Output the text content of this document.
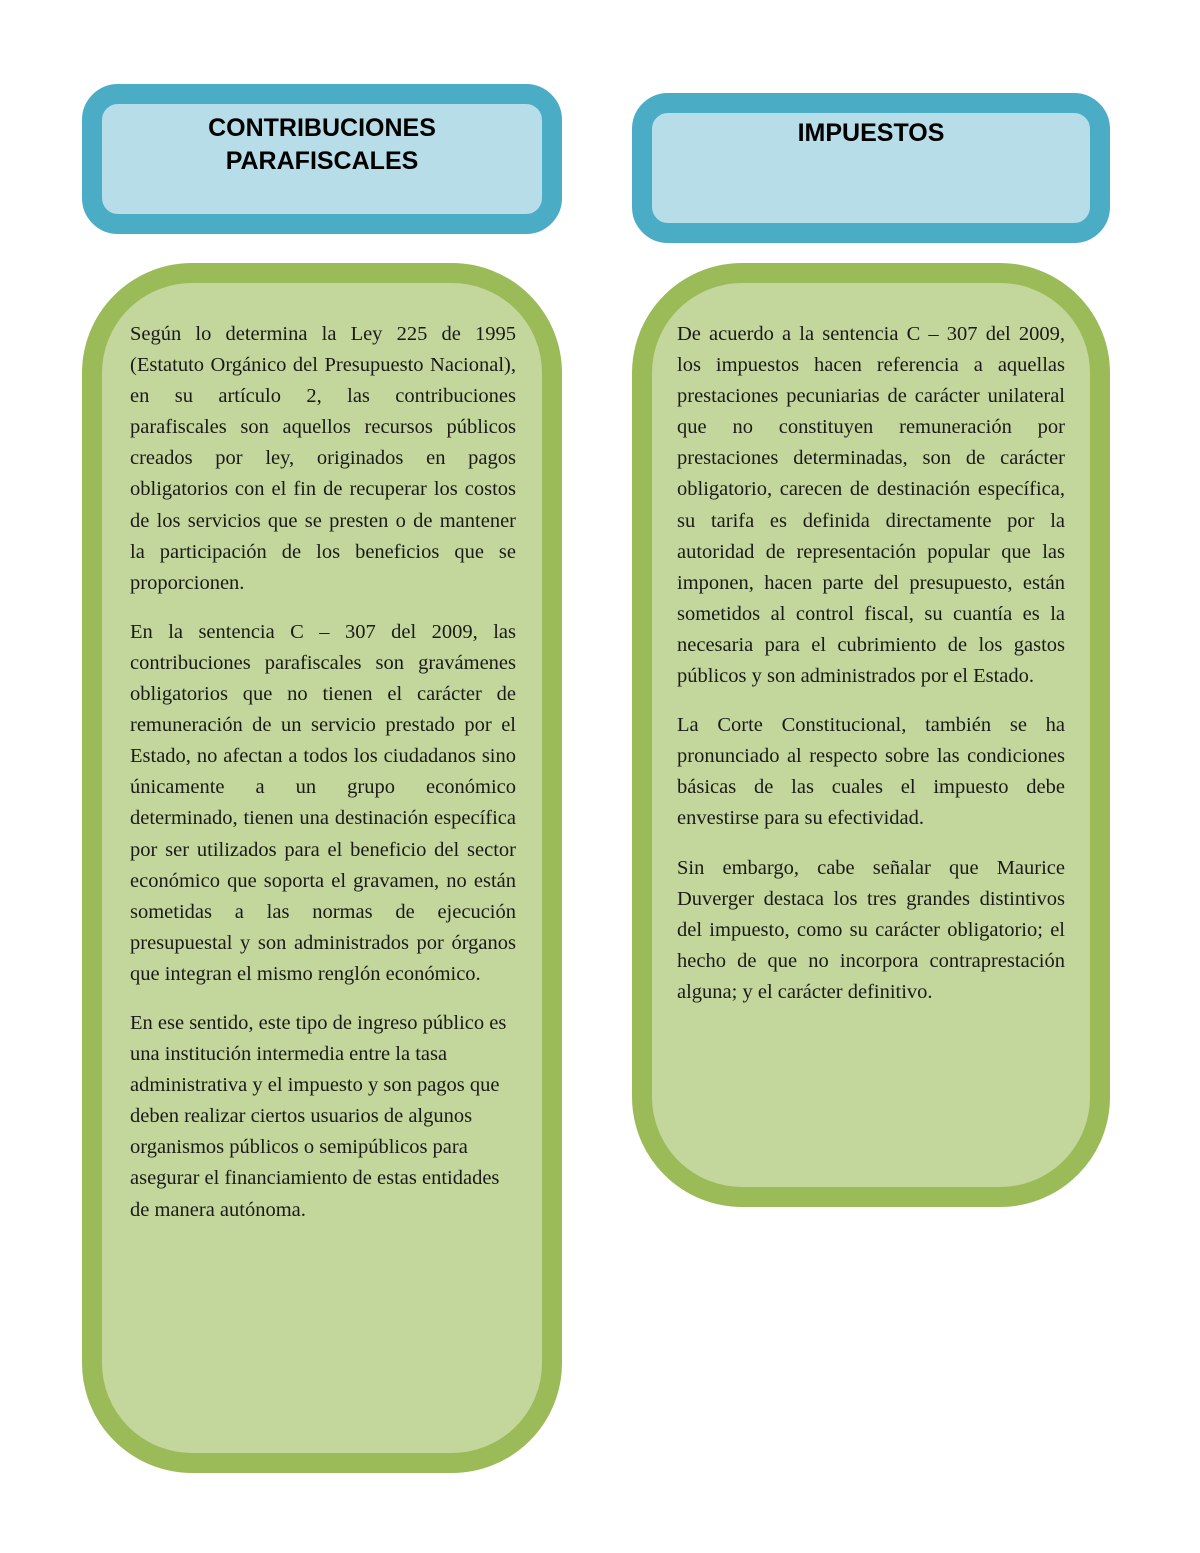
CONTRIBUCIONES
PARAFISCALES
IMPUESTOS

Según lo determina la Ley 225 de 1995 (Estatuto Orgánico del Presupuesto Nacional), en su artículo 2, las contribuciones parafiscales son aquellos recursos públicos creados por ley, originados en pagos obligatorios con el fin de recuperar los costos de los servicios que se presten o de mantener la participación de los beneficios que se proporcionen.

En la sentencia C – 307 del 2009, las contribuciones parafiscales son gravámenes obligatorios que no tienen el carácter de remuneración de un servicio prestado por el Estado, no afectan a todos los ciudadanos sino únicamente a un grupo económico determinado, tienen una destinación específica por ser utilizados para el beneficio del sector económico que soporta el gravamen, no están sometidas a las normas de ejecución presupuestal y son administrados por órganos que integran el mismo renglón económico.

En ese sentido, este tipo de ingreso público es una institución intermedia entre la tasa administrativa y el impuesto y son pagos que deben realizar ciertos usuarios de algunos organismos públicos o semipúblicos para asegurar el financiamiento de estas entidades de manera autónoma.

De acuerdo a la sentencia C – 307 del 2009, los impuestos hacen referencia a aquellas prestaciones pecuniarias de carácter unilateral que no constituyen remuneración por prestaciones determinadas, son de carácter obligatorio, carecen de destinación específica, su tarifa es definida directamente por la autoridad de representación popular que las imponen, hacen parte del presupuesto, están sometidos al control fiscal, su cuantía es la necesaria para el cubrimiento de los gastos públicos y son administrados por el Estado.

La Corte Constitucional, también se ha pronunciado al respecto sobre las condiciones básicas de las cuales el impuesto debe envestirse para su efectividad.

Sin embargo, cabe señalar que Maurice Duverger destaca los tres grandes distintivos del impuesto, como su carácter obligatorio; el hecho de que no incorpora contraprestación alguna; y el carácter definitivo.
